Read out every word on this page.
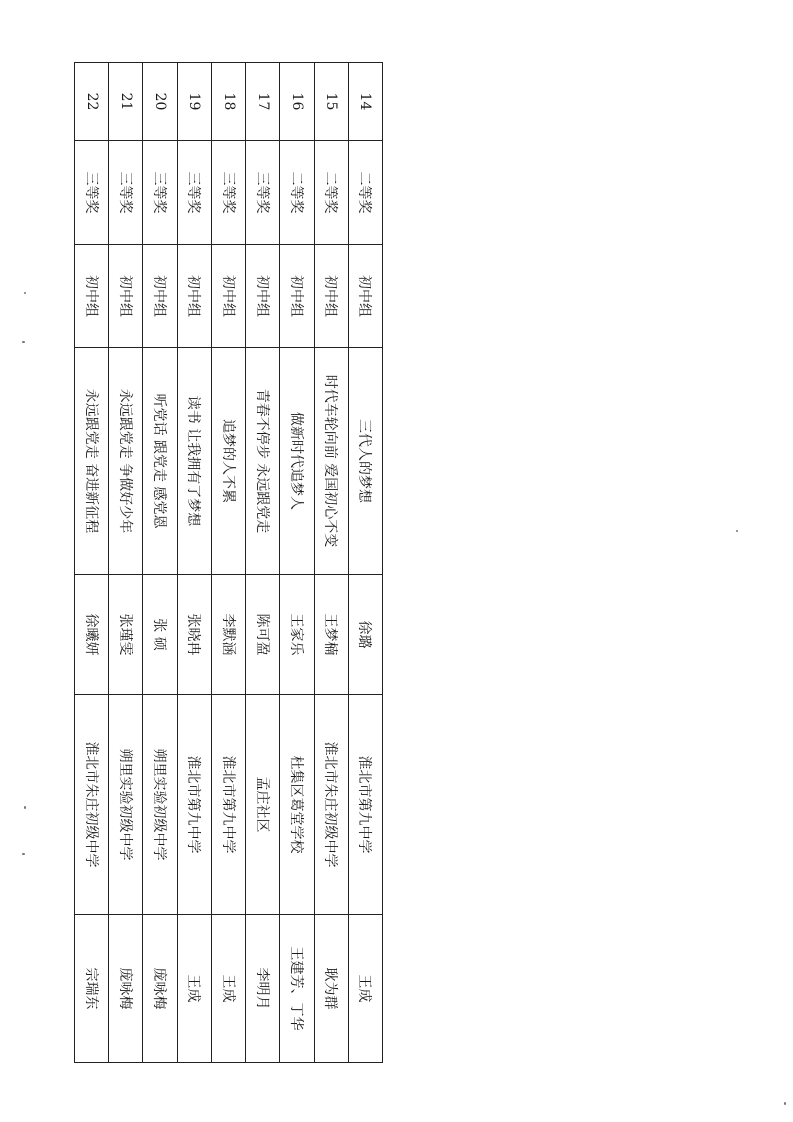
14	二等奖	初中组	三代人的梦想	徐璐	淮北市第九中学	王成
15	二等奖	初中组	时代车轮向前 爱国初心不变	王梦楠	淮北市朱庄初级中学	耿为群
16	二等奖	初中组	做新时代追梦人	王家乐	杜集区葛堂学校	王建芳、丁华
17	三等奖	初中组	青春不停步 永远跟党走	陈可盈	孟庄社区	李明月
18	三等奖	初中组	追梦的人不累	李默涵	淮北市第九中学	王成
19	三等奖	初中组	读书 让我拥有了梦想	张晓冉	淮北市第九中学	王成
20	三等奖	初中组	听党话 跟党走 感党恩	张 硕	朔里实验初级中学	庞咏梅
21	三等奖	初中组	永远跟党走 争做好少年	张瑾雯	朔里实验初级中学	庞咏梅
22	三等奖	初中组	永远跟党走 奋进新征程	徐曦妍	淮北市朱庄初级中学	宗瑞东
